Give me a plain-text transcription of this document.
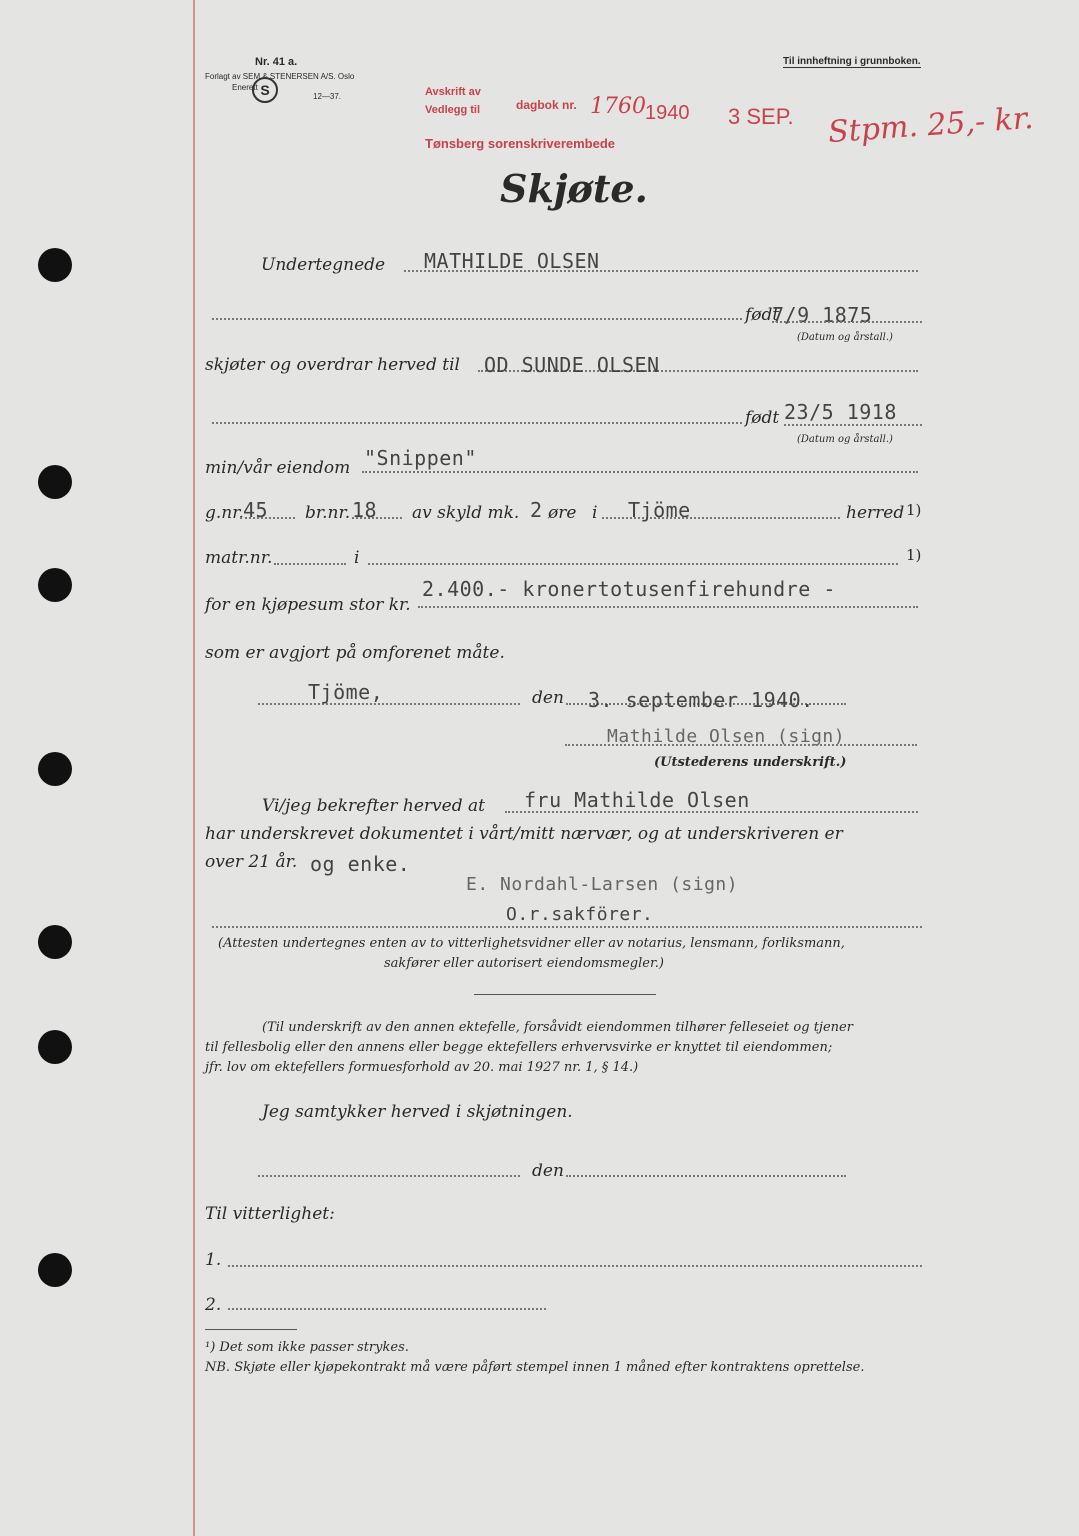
Nr. 41 a.
Forlagt av SEM & STENERSEN A/S. Oslo
Enerett S	12—37.
Til innheftning i grunnboken.
Avskrift av
Vedlegg til	dagbok nr. 1760 1940 3 SEP.
Tønsberg sorenskriverembede	Stpm. 25,- kr.
Skjøte.
Undertegnede MATHILDE OLSEN
født
7/9 1875
(Datum og årstall.)
skjøter og overdrar herved til OD SUNDE OLSEN
født 23/5 1918
(Datum og årstall.)
min/vår eiendom "Snippen"
g.nr. 45 br.nr. 18 av skyld mk. 2 øre i Tjöme	herred 1)
matr.nr.	i	1)
for en kjøpesum stor kr.
2.400.- kronertotusenfirehundre -
som er avgjort på omforenet måte.
Tjöme,	den 3. september 1940.
Mathilde Olsen (sign)
(Utstederens underskrift.)
Vi/jeg bekrefter herved at fru Mathilde Olsen
har underskrevet dokumentet i vårt/mitt nærvær, og at underskriveren er
over 21 år. og enke.
E. Nordahl-Larsen (sign)
O.r.sakförer.
(Attesten undertegnes enten av to vitterlighetsvidner eller av notarius, lensmann, forliksmann,
sakfører eller autorisert eiendomsmegler.)
(Til underskrift av den annen ektefelle, forsåvidt eiendommen tilhører felleseiet og tjener
til fellesbolig eller den annens eller begge ektefellers erhvervsvirke er knyttet til eiendommen;
jfr. lov om ektefellers formuesforhold av 20. mai 1927 nr. 1, § 14.)
Jeg samtykker herved i skjøtningen.
den
Til vitterlighet:
1.
2.
¹) Det som ikke passer strykes.
NB. Skjøte eller kjøpekontrakt må være påført stempel innen 1 måned efter kontraktens oprettelse.
